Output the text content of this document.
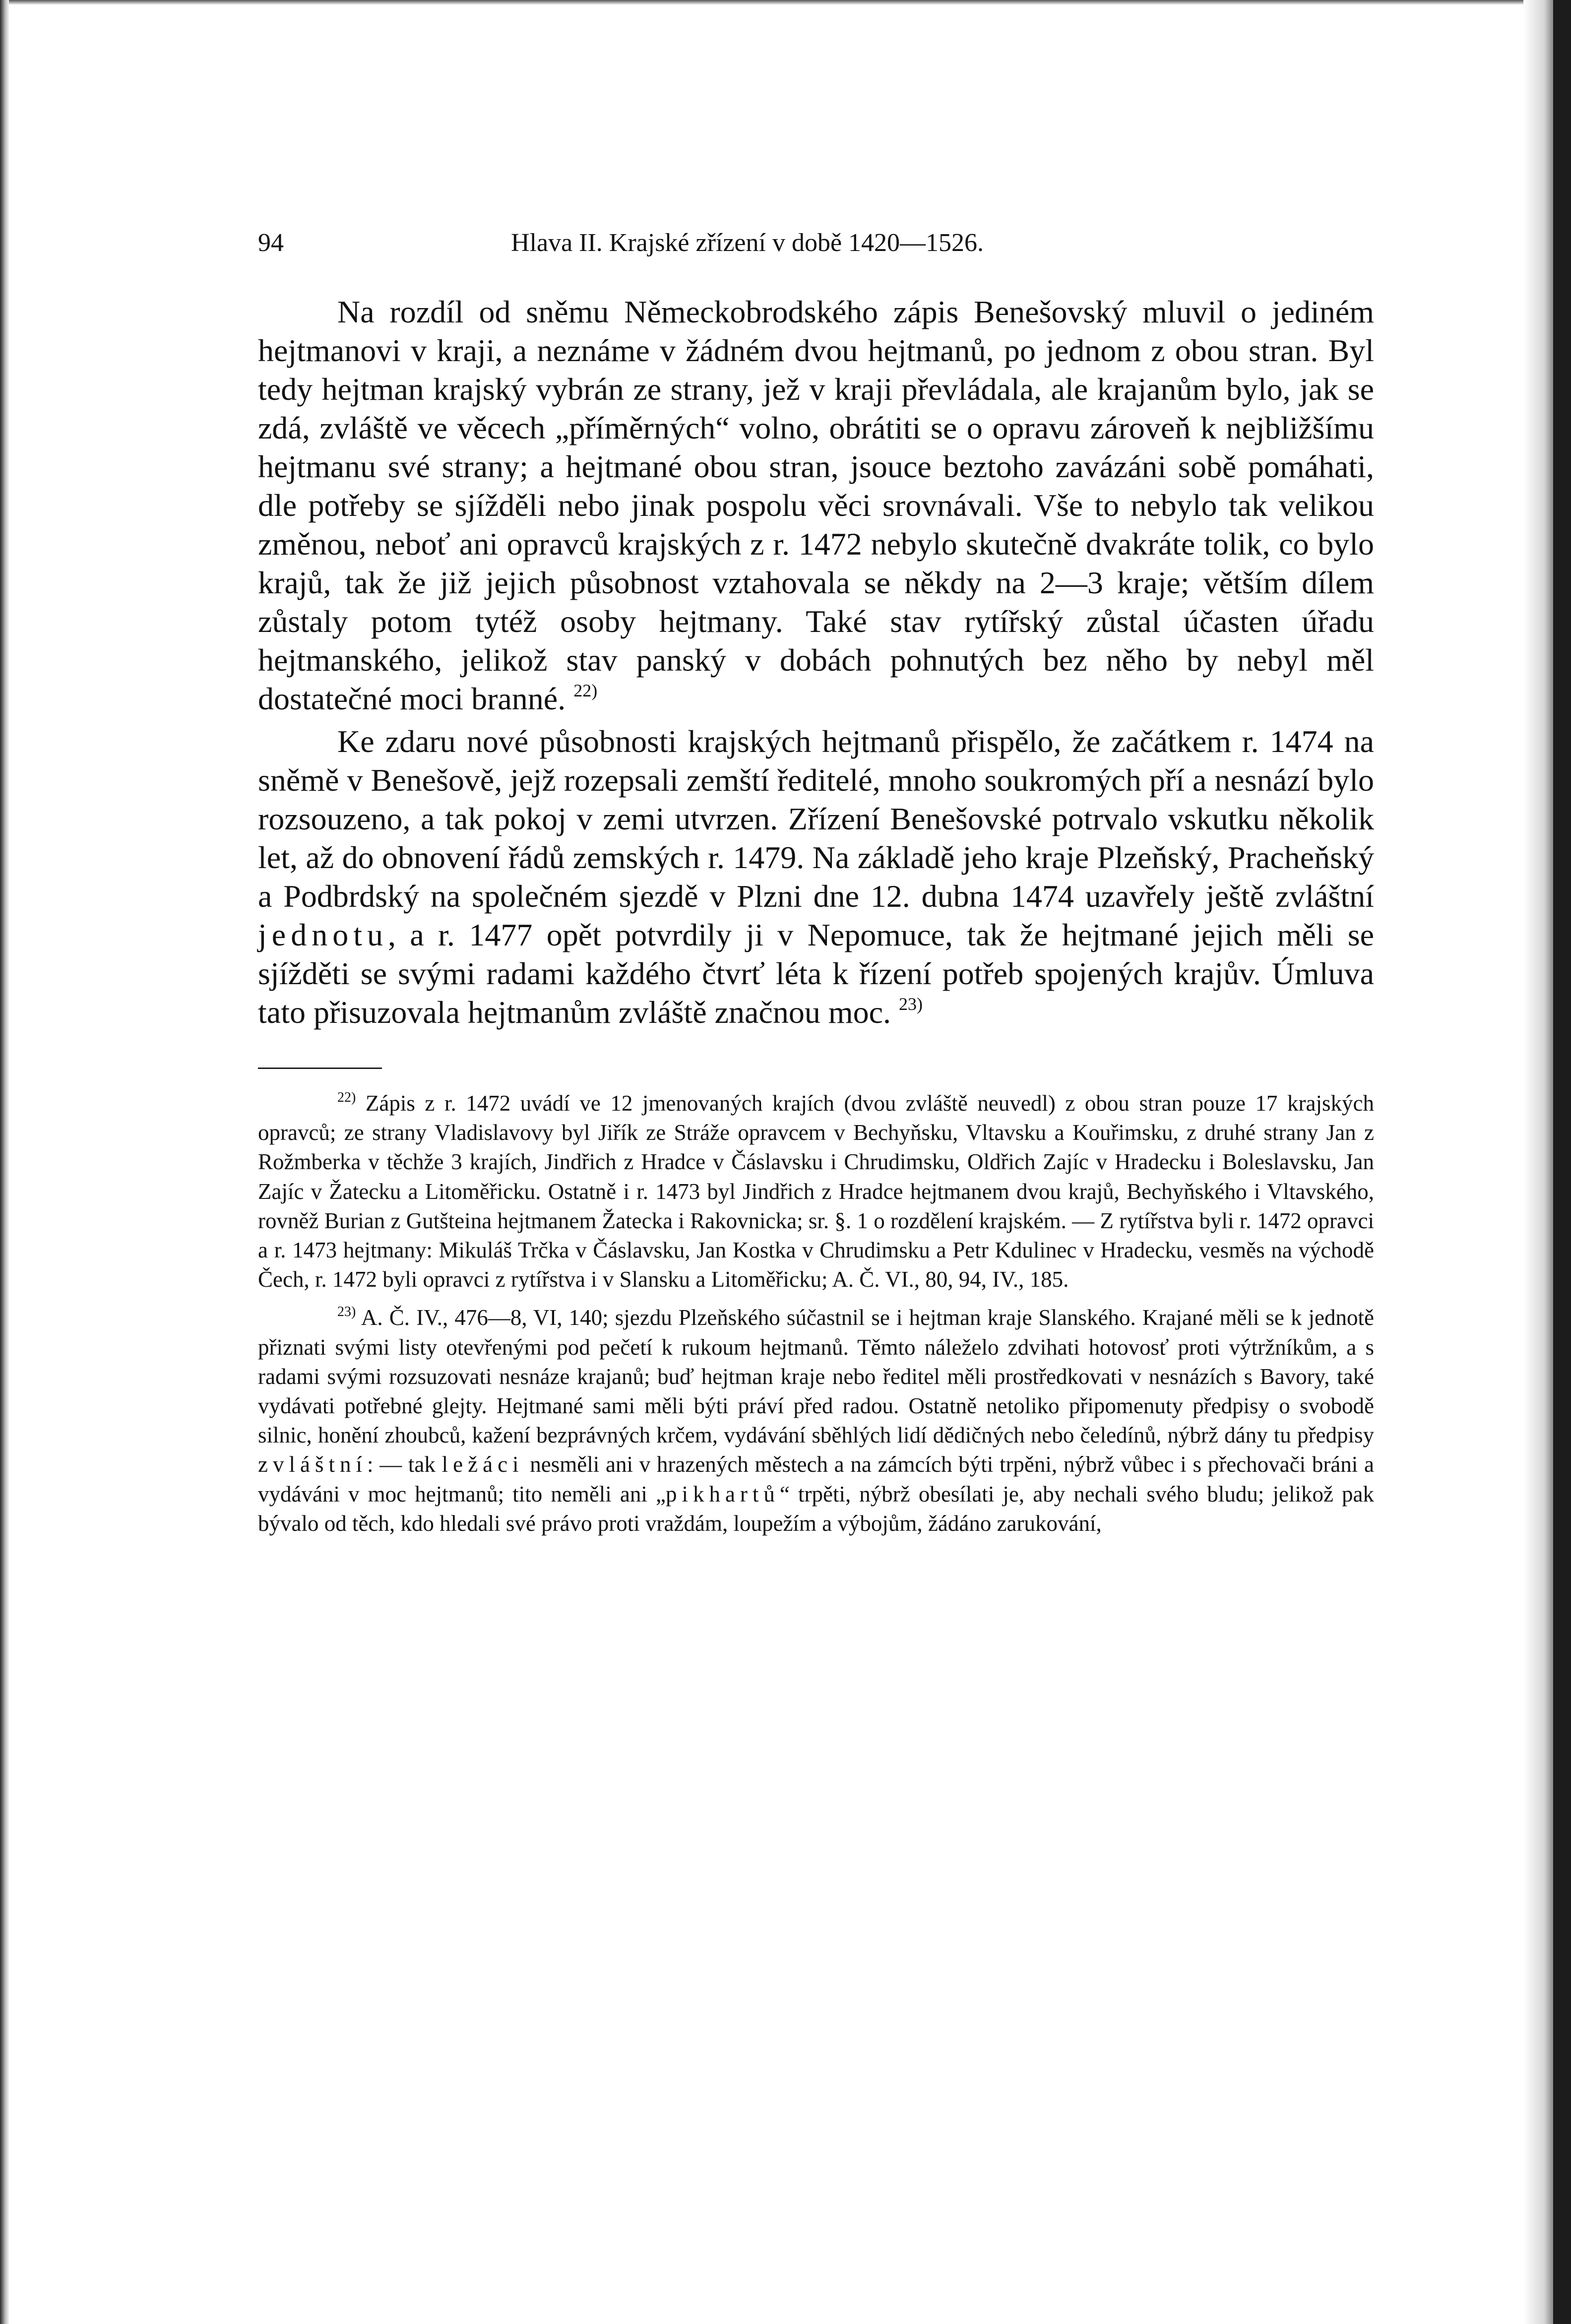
94	Hlava II. Krajské zřízení v době 1420—1526.

Na rozdíl od sněmu Německobrodského zápis Benešovský mluvil o jediném hejtmanovi v kraji, a neznáme v žádném dvou hejtmanů, po jednom z obou stran. Byl tedy hejtman krajský vybrán ze strany, jež v kraji převládala, ale krajanům bylo, jak se zdá, zvláště ve věcech „příměrných“ volno, obrátiti se o opravu zároveň k nejbližšímu hejtmanu své strany; a hejtmané obou stran, jsouce beztoho zavázáni sobě pomáhati, dle potřeby se sjížděli nebo jinak pospolu věci srovnávali. Vše to nebylo tak velikou změnou, neboť ani opravců krajských z r. 1472 nebylo skutečně dvakráte tolik, co bylo krajů, tak že již jejich působnost vztahovala se někdy na 2—3 kraje; větším dílem zůstaly potom tytéž osoby hejtmany. Také stav rytířský zůstal účasten úřadu hejtmanského, jelikož stav panský v dobách pohnutých bez něho by nebyl měl dostatečné moci branné. $^{22)}$

Ke zdaru nové působnosti krajských hejtmanů přispělo, že začátkem r. 1474 na sněmě v Benešově, jejž rozepsali zemští ředitelé, mnoho soukromých pří a nesnází bylo rozsouzeno, a tak pokoj v zemi utvrzen. Zřízení Benešovské potrvalo vskutku několik let, až do obnovení řádů zemských r. 1479. Na základě jeho kraje Plzeňský, Pracheňský a Podbrdský na společném sjezdě v Plzni dne 12. dubna 1474 uzavřely ještě zvláštní jednotu, a r. 1477 opět potvrdily ji v Nepomuce, tak že hejtmané jejich měli se sjížděti se svými radami každého čtvrť léta k řízení potřeb spojených krajův. Úmluva tato přisuzovala hejtmanům zvláště značnou moc. $^{23)}$

$^{22)}$ Zápis z r. 1472 uvádí ve 12 jmenovaných krajích (dvou zvláště neuvedl) z obou stran pouze 17 krajských opravců; ze strany Vladislavovy byl Jiřík ze Stráže opravcem v Bechyňsku, Vltavsku a Kouřimsku, z druhé strany Jan z Rožmberka v těchže 3 krajích, Jindřich z Hradce v Čáslavsku i Chrudimsku, Oldřich Zajíc v Hradecku i Boleslavsku, Jan Zajíc v Žatecku a Litoměřicku. Ostatně i r. 1473 byl Jindřich z Hradce hejtmanem dvou krajů, Bechyňského i Vltavského, rovněž Burian z Gutšteina hejtmanem Žatecka i Rakovnicka; sr. §. 1 o rozdělení krajském. — Z rytířstva byli r. 1472 opravci a r. 1473 hejtmany: Mikuláš Trčka v Čáslavsku, Jan Kostka v Chrudimsku a Petr Kdulinec v Hradecku, vesměs na východě Čech, r. 1472 byli opravci z rytířstva i v Slansku a Litoměřicku; A. Č. VI., 80, 94, IV., 185.

$^{23)}$ A. Č. IV., 476—8, VI, 140; sjezdu Plzeňského súčastnil se i hejtman kraje Slanského. Krajané měli se k jednotě přiznati svými listy otevřenými pod pečetí k rukoum hejtmanů. Těmto náleželo zdvihati hotovosť proti výtržníkům, a s radami svými rozsuzovati nesnáze krajanů; buď hejtman kraje nebo ředitel měli prostředkovati v nesnázích s Bavory, také vydávati potřebné glejty. Hejtmané sami měli býti práví před radou. Ostatně netoliko připomenuty předpisy o svobodě silnic, honění zhoubců, kažení bezprávných krčem, vydávání sběhlých lidí dědičných nebo čeledínů, nýbrž dány tu předpisy zvláštní: — tak ležáci nesměli ani v hrazených městech a na zámcích býti trpěni, nýbrž vůbec i s přechovači bráni a vydáváni v moc hejtmanů; tito neměli ani „pikhartů“ trpěti, nýbrž obesílati je, aby nechali svého bludu; jelikož pak bývalo od těch, kdo hledali své právo proti vraždám, loupežím a výbojům, žádáno zarukování,
